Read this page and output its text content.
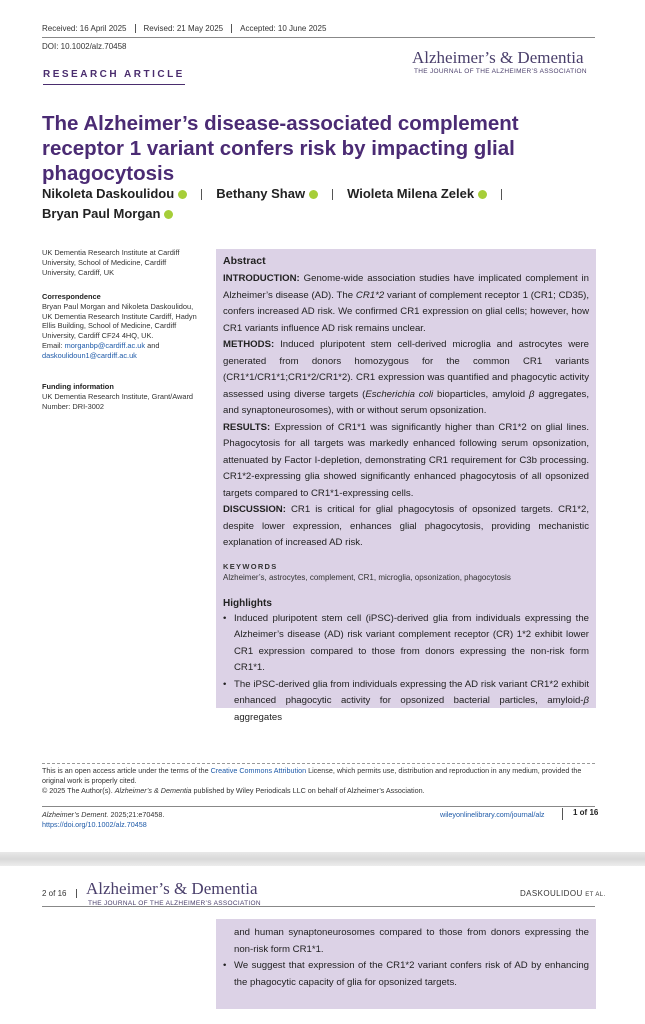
Received: 16 April 2025	Revised: 21 May 2025	Accepted: 10 June 2025
DOI: 10.1002/alz.70458
Alzheimer’s & Dementia
THE JOURNAL OF THE ALZHEIMER’S ASSOCIATION
RESEARCH ARTICLE
The Alzheimer’s disease-associated complement receptor 1 variant confers risk by impacting glial phagocytosis
Nikoleta Daskoulidou	Bethany Shaw	Wioleta Milena Zelek
Bryan Paul Morgan
UK Dementia Research Institute at Cardiff University, School of Medicine, Cardiff University, Cardiff, UK
Correspondence
Bryan Paul Morgan and Nikoleta Daskoulidou, UK Dementia Research Institute Cardiff, Hadyn Ellis Building, School of Medicine, Cardiff University, Cardiff CF24 4HQ, UK.
Email: morganbp@cardiff.ac.uk and
daskoulidoun1@cardiff.ac.uk
Funding information
UK Dementia Research Institute, Grant/Award Number: DRI-3002
Abstract

INTRODUCTION: Genome-wide association studies have implicated complement in Alzheimer’s disease (AD). The CR1*2 variant of complement receptor 1 (CR1; CD35), confers increased AD risk. We confirmed CR1 expression on glial cells; however, how CR1 variants influence AD risk remains unclear.

METHODS: Induced pluripotent stem cell-derived microglia and astrocytes were generated from donors homozygous for the common CR1 variants (CR1*1/CR1*1;CR1*2/CR1*2). CR1 expression was quantified and phagocytic activity assessed using diverse targets (Escherichia coli bioparticles, amyloid β aggregates, and synaptoneurosomes), with or without serum opsonization.

RESULTS: Expression of CR1*1 was significantly higher than CR1*2 on glial lines. Phagocytosis for all targets was markedly enhanced following serum opsonization, attenuated by Factor I-depletion, demonstrating CR1 requirement for C3b processing. CR1*2-expressing glia showed significantly enhanced phagocytosis of all opsonized targets compared to CR1*1-expressing cells.

DISCUSSION: CR1 is critical for glial phagocytosis of opsonized targets. CR1*2, despite lower expression, enhances glial phagocytosis, providing mechanistic explanation of increased AD risk.

KEYWORDS
Alzheimer’s, astrocytes, complement, CR1, microglia, opsonization, phagocytosis
Highlights
• Induced pluripotent stem cell (iPSC)-derived glia from individuals expressing the Alzheimer’s disease (AD) risk variant complement receptor (CR) 1*2 exhibit lower CR1 expression compared to those from donors expressing the non-risk form CR1*1.
• The iPSC-derived glia from individuals expressing the AD risk variant CR1*2 exhibit enhanced phagocytic activity for opsonized bacterial particles, amyloid-β aggregates
This is an open access article under the terms of the Creative Commons Attribution License, which permits use, distribution and reproduction in any medium, provided the original work is properly cited.
© 2025 The Author(s). Alzheimer’s & Dementia published by Wiley Periodicals LLC on behalf of Alzheimer’s Association.
Alzheimer’s Dement. 2025;21:e70458.
https://doi.org/10.1002/alz.70458
wileyonlinelibrary.com/journal/alz	1 of 16
2 of 16	Alzheimer’s & Dementia
THE JOURNAL OF THE ALZHEIMER’S ASSOCIATION
DASKOULIDOU ET AL.
and human synaptoneurosomes compared to those from donors expressing the non-risk form CR1*1.
• We suggest that expression of the CR1*2 variant confers risk of AD by enhancing the phagocytic capacity of glia for opsonized targets.
